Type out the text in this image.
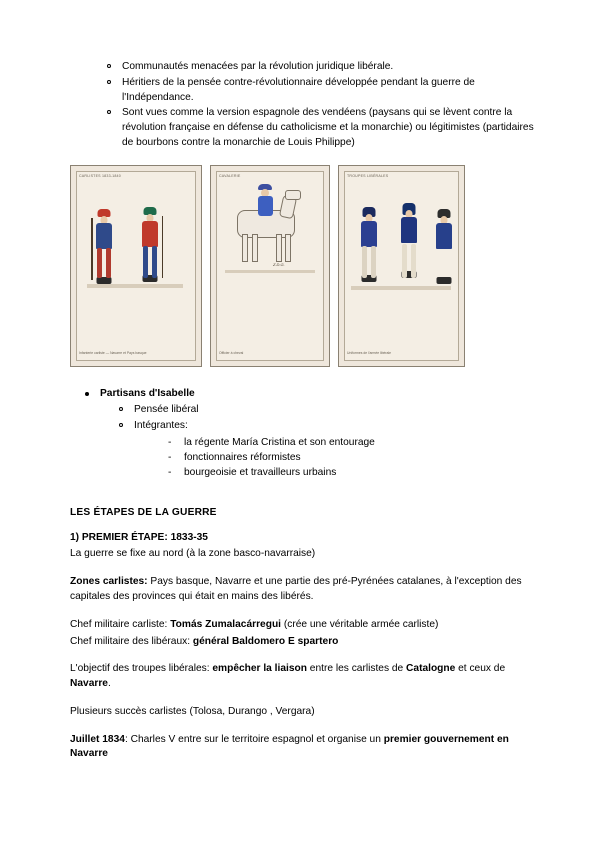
Communautés menacées par la révolution juridique libérale.
Héritiers de la pensée contre-révolutionnaire développée pendant la guerre de l'Indépendance.
Sont vues comme la version espagnole des vendéens (paysans qui se lèvent contre la révolution française en défense du catholicisme et la monarchie) ou légitimistes (partidaires de bourbons contre la monarchie de Louis Philippe)
CARLISTES 1833-1840
Infanterie carliste — Navarre et Pays basque
CAVALERIE
Z.D.G.
Officier à cheval
TROUPES LIBÉRALES
Uniformes de l'armée libérale
Partisans d'Isabelle
Pensée libéral
Intégrantes:
- la régente María Cristina et son entourage
- fonctionnaires réformistes
- bourgeoisie et travailleurs urbains
LES ÉTAPES DE LA GUERRE

1) PREMIER ÉTAPE: 1833-35

La guerre se fixe au nord (à la zone basco-navarraise)

Zones carlistes: Pays basque, Navarre et une partie des pré-Pyrénées catalanes, à l'exception des capitales des provinces qui était en mains des libérés.

Chef militaire carliste: Tomás Zumalacárregui (crée une véritable armée carliste)

Chef militaire des libéraux: général Baldomero E spartero

L'objectif des troupes libérales: empêcher la liaison entre les carlistes de Catalogne et ceux de Navarre.

Plusieurs succès carlistes (Tolosa, Durango , Vergara)

Juillet 1834: Charles V entre sur le territoire espagnol et organise un premier gouvernement en Navarre
